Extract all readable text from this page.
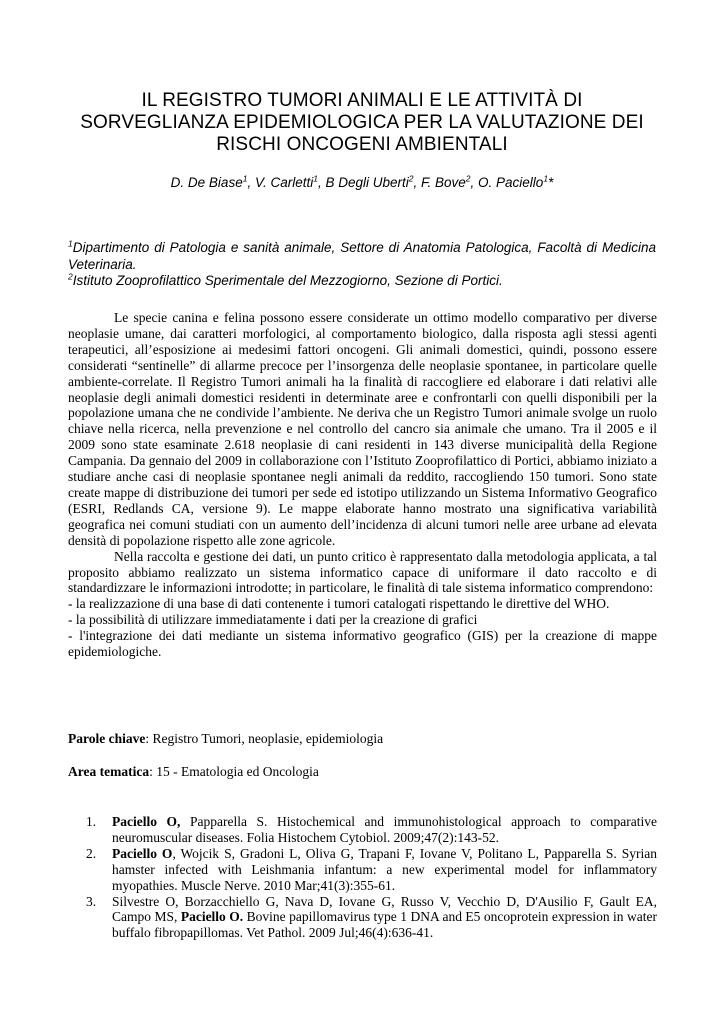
IL REGISTRO TUMORI ANIMALI E LE ATTIVITÀ DI
SORVEGLIANZA EPIDEMIOLOGICA PER LA VALUTAZIONE DEI
RISCHI ONCOGENI AMBIENTALI
D. De Biase$^1$, V. Carletti$^1$, B Degli Uberti$^2$, F. Bove$^2$, O. Paciello$^1$*

$^1$Dipartimento di Patologia e sanità animale, Settore di Anatomia Patologica, Facoltà di Medicina Veterinaria.

$^2$Istituto Zooprofilattico Sperimentale del Mezzogiorno, Sezione di Portici.

Le specie canina e felina possono essere considerate un ottimo modello comparativo per diverse neoplasie umane, dai caratteri morfologici, al comportamento biologico, dalla risposta agli stessi agenti terapeutici, all’esposizione ai medesimi fattori oncogeni. Gli animali domestici, quindi, possono essere considerati “sentinelle” di allarme precoce per l’insorgenza delle neoplasie spontanee, in particolare quelle ambiente-correlate. Il Registro Tumori animali ha la finalità di raccogliere ed elaborare i dati relativi alle neoplasie degli animali domestici residenti in determinate aree e confrontarli con quelli disponibili per la popolazione umana che ne condivide l’ambiente. Ne deriva che un Registro Tumori animale svolge un ruolo chiave nella ricerca, nella prevenzione e nel controllo del cancro sia animale che umano. Tra il 2005 e il 2009 sono state esaminate 2.618 neoplasie di cani residenti in 143 diverse municipalità della Regione Campania. Da gennaio del 2009 in collaborazione con l’Istituto Zooprofilattico di Portici, abbiamo iniziato a studiare anche casi di neoplasie spontanee negli animali da reddito, raccogliendo 150 tumori. Sono state create mappe di distribuzione dei tumori per sede ed istotipo utilizzando un Sistema Informativo Geografico (ESRI, Redlands CA, versione 9). Le mappe elaborate hanno mostrato una significativa variabilità geografica nei comuni studiati con un aumento dell’incidenza di alcuni tumori nelle aree urbane ad elevata densità di popolazione rispetto alle zone agricole.

Nella raccolta e gestione dei dati, un punto critico è rappresentato dalla metodologia applicata, a tal proposito abbiamo realizzato un sistema informatico capace di uniformare il dato raccolto e di standardizzare le informazioni introdotte; in particolare, le finalità di tale sistema informatico comprendono:

- la realizzazione di una base di dati contenente i tumori catalogati rispettando le direttive del WHO.

- la possibilità di utilizzare immediatamente i dati per la creazione di grafici

- l'integrazione dei dati mediante un sistema informativo geografico (GIS) per la creazione di mappe epidemiologiche.

Parole chiave: Registro Tumori, neoplasie, epidemiologia
Area tematica: 15 - Ematologia ed Oncologia
1. Paciello O, Papparella S. Histochemical and immunohistological approach to comparative neuromuscular diseases. Folia Histochem Cytobiol. 2009;47(2):143-52.
2. Paciello O, Wojcik S, Gradoni L, Oliva G, Trapani F, Iovane V, Politano L, Papparella S. Syrian hamster infected with Leishmania infantum: a new experimental model for inflammatory myopathies. Muscle Nerve. 2010 Mar;41(3):355-61.
3. Silvestre O, Borzacchiello G, Nava D, Iovane G, Russo V, Vecchio D, D'Ausilio F, Gault EA, Campo MS, Paciello O. Bovine papillomavirus type 1 DNA and E5 oncoprotein expression in water buffalo fibropapillomas. Vet Pathol. 2009 Jul;46(4):636-41.
